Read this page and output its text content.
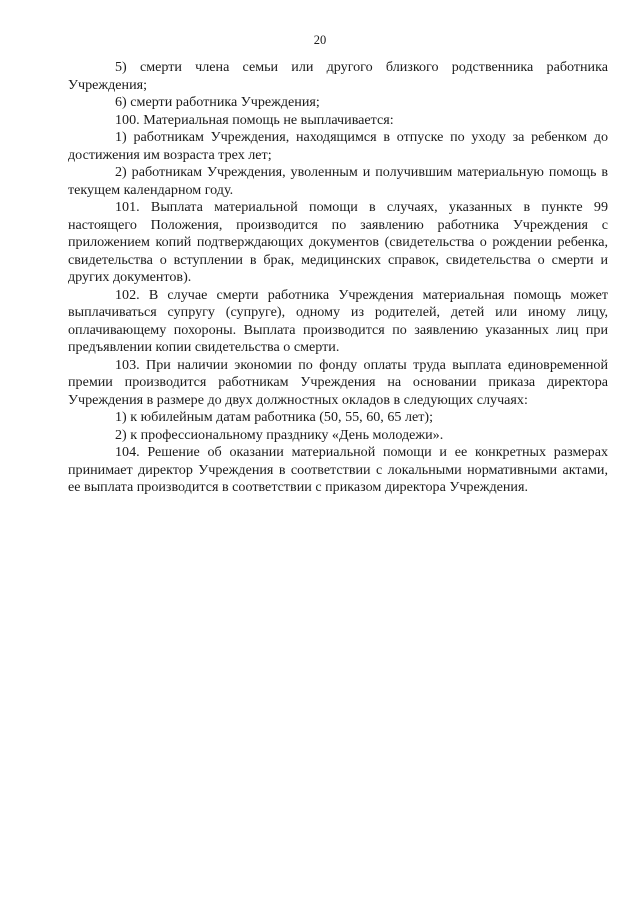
20

5) смерти члена семьи или другого близкого родственника работника Учреждения;

6) смерти работника Учреждения;

100. Материальная помощь не выплачивается:

1) работникам Учреждения, находящимся в отпуске по уходу за ребенком до достижения им возраста трех лет;

2) работникам Учреждения, уволенным и получившим материальную помощь в текущем календарном году.

101. Выплата материальной помощи в случаях, указанных в пункте 99 настоящего Положения, производится по заявлению работника Учреждения с приложением копий подтверждающих документов (свидетельства о рождении ребенка, свидетельства о вступлении в брак, медицинских справок, свидетельства о смерти и других документов).

102. В случае смерти работника Учреждения материальная помощь может выплачиваться супругу (супруге), одному из родителей, детей или иному лицу, оплачивающему похороны. Выплата производится по заявлению указанных лиц при предъявлении копии свидетельства о смерти.

103. При наличии экономии по фонду оплаты труда выплата единовременной премии производится работникам Учреждения на основании приказа директора Учреждения в размере до двух должностных окладов в следующих случаях:

1) к юбилейным датам работника (50, 55, 60, 65 лет);

2) к профессиональному празднику «День молодежи».

104. Решение об оказании материальной помощи и ее конкретных размерах принимает директор Учреждения в соответствии с локальными нормативными актами, ее выплата производится в соответствии с приказом директора Учреждения.
